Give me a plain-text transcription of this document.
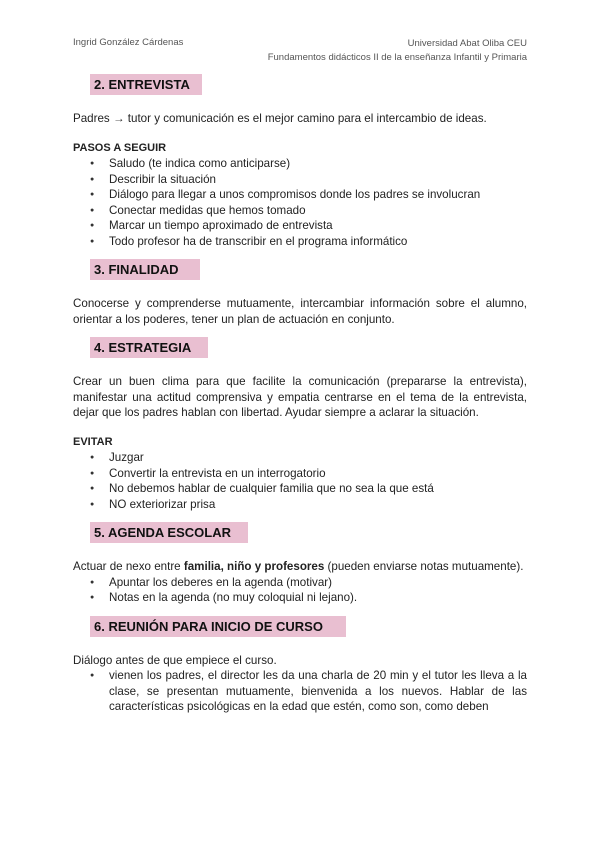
Ingrid González Cárdenas	Universidad Abat Oliba CEU
Fundamentos didácticos II de la enseñanza Infantil y Primaria
2. ENTREVISTA

Padres → tutor y comunicación es el mejor camino para el intercambio de ideas.

PASOS A SEGUIR

● Saludo (te indica como anticiparse)
● Describir la situación
● Diálogo para llegar a unos compromisos donde los padres se involucran
● Conectar medidas que hemos tomado
● Marcar un tiempo aproximado de entrevista
● Todo profesor ha de transcribir en el programa informático
3. FINALIDAD

Conocerse y comprenderse mutuamente, intercambiar información sobre el alumno, orientar a los poderes, tener un plan de actuación en conjunto.

4. ESTRATEGIA

Crear un buen clima para que facilite la comunicación (prepararse la entrevista), manifestar una actitud comprensiva y empatia centrarse en el tema de la entrevista, dejar que los padres hablan con libertad. Ayudar siempre a aclarar la situación.

EVITAR

● Juzgar
● Convertir la entrevista en un interrogatorio
● No debemos hablar de cualquier familia que no sea la que está
● NO exteriorizar prisa
5. AGENDA ESCOLAR

Actuar de nexo entre familia, niño y profesores (pueden enviarse notas mutuamente).

● Apuntar los deberes en la agenda (motivar)
● Notas en la agenda (no muy coloquial ni lejano).
6. REUNIÓN PARA INICIO DE CURSO

Diálogo antes de que empiece el curso.

● vienen los padres, el director les da una charla de 20 min y el tutor les lleva a la clase, se presentan mutuamente, bienvenida a los nuevos. Hablar de las características psicológicas en la edad que estén, como son, como deben
